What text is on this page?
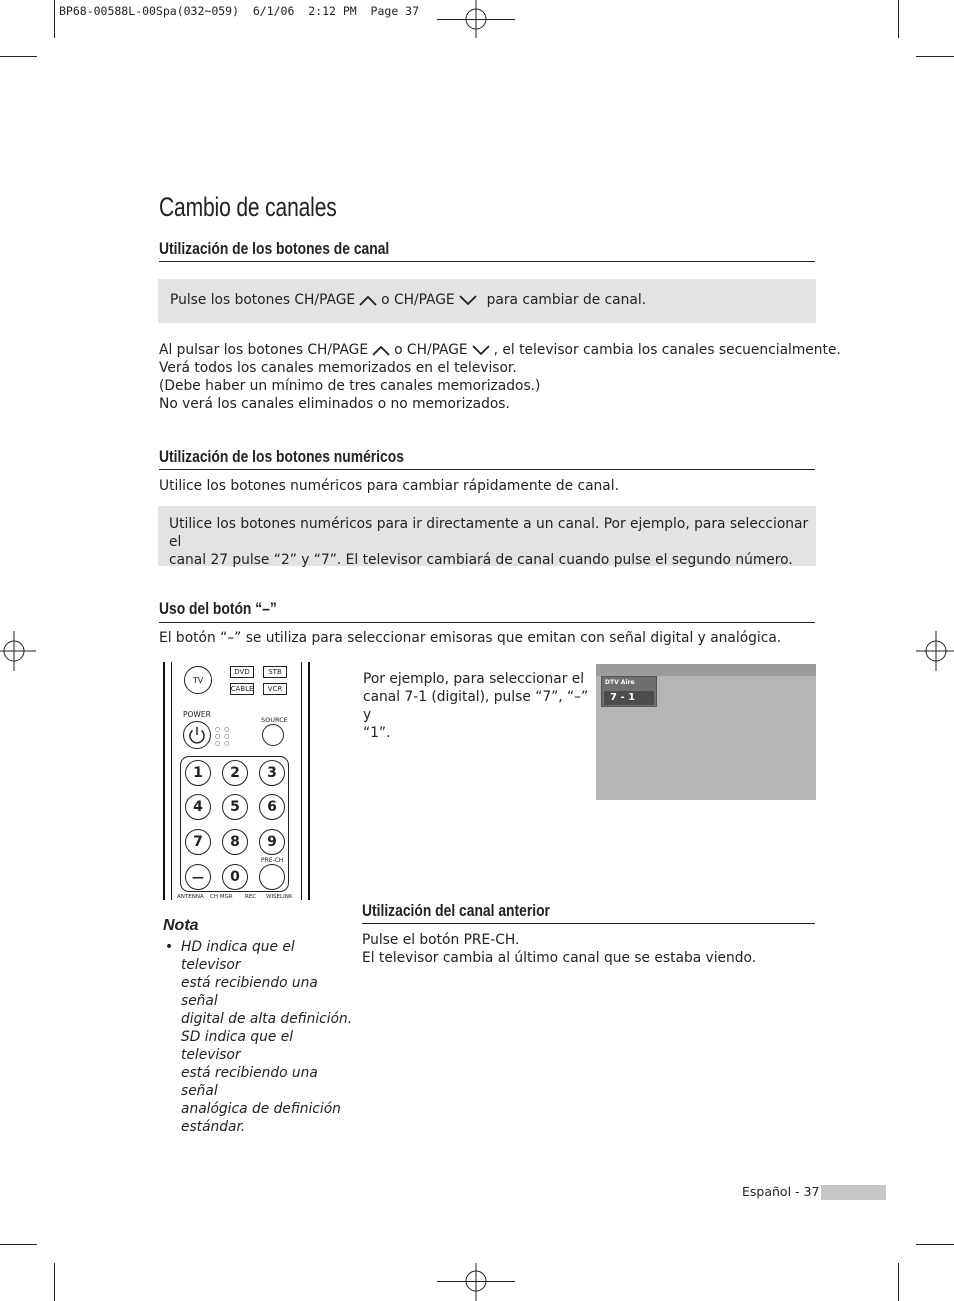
BP68-00588L-00Spa(032~059)  6/1/06  2:12 PM  Page 37
Cambio de canales
Utilización de los botones de canal
Pulse los botones CH/PAGE o CH/PAGE para cambiar de canal.
Al pulsar los botones CH/PAGE o CH/PAGE , el televisor cambia los canales secuencialmente.
Verá todos los canales memorizados en el televisor.
(Debe haber un mínimo de tres canales memorizados.)
No verá los canales eliminados o no memorizados.
Utilización de los botones numéricos
Utilice los botones numéricos para cambiar rápidamente de canal.
Utilice los botones numéricos para ir directamente a un canal. Por ejemplo, para seleccionar el
canal 27 pulse “2” y “7”. El televisor cambiará de canal cuando pulse el segundo número.
Uso del botón “–”
El botón “–” se utiliza para seleccionar emisoras que emitan con señal digital y analógica.
TV
DVD	STB
CABLE	VCR
POWER
○ ○
○ ○
○ ○
SOURCE
1	2	3
4	5	6
7	8	9
—	0
PRE-CH
ANTENNA CH MGR REC WISELINK
Por ejemplo, para seleccionar el
canal 7-1 (digital), pulse “7”, “–” y
“1”.
DTV Aire
7 - 1
Nota
• HD indica que el televisor
está recibiendo una señal
digital de alta definición.
SD indica que el televisor
está recibiendo una señal
analógica de definición
estándar.
Utilización del canal anterior
Pulse el botón PRE-CH.
El televisor cambia al último canal que se estaba viendo.
Español - 37
